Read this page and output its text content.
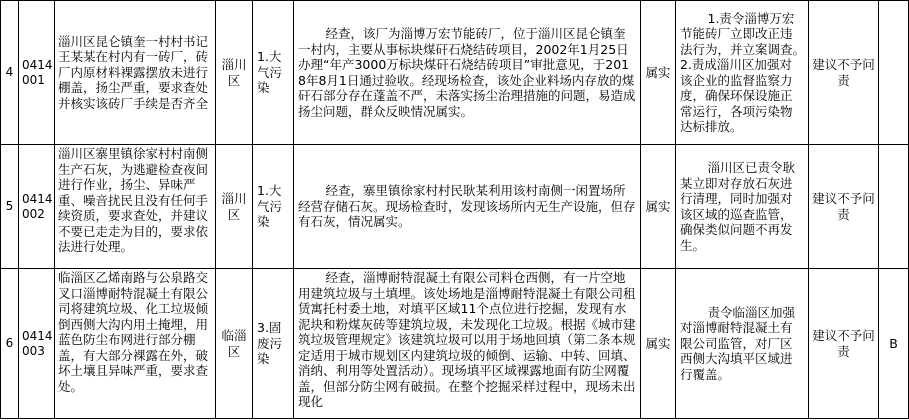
4	0414001	淄川区昆仑镇奎一村村书记王某某在村内有一砖厂，砖厂内原材料裸露摆放未进行棚盖，扬尘严重，要求查处并核实该砖厂手续是否齐全	淄川区	1.大气污染	经查，该厂为淄博万宏节能砖厂，位于淄川区昆仑镇奎一村内，主要从事标块煤矸石烧结砖项目，2002年1月25日办理“年产3000万标块煤矸石烧结砖项目”审批意见，于2018年8月1日通过验收。经现场检查，该处企业料场内存放的煤矸石部分存在蓬盖不严，未落实扬尘治理措施的问题，易造成扬尘问题，群众反映情况属实。	属实	1.责令淄博万宏节能砖厂立即改正违法行为，并立案调查。　　2.责成淄川区加强对该企业的监督监察力度，确保环保设施正常运行，各项污染物达标排放。	建议不予问责	
5	0414002	淄川区寨里镇徐家村村南侧生产石灰，为逃避检查夜间进行作业，扬尘、异味严重、噪音扰民且没有任何手续资质，要求查处，并建议不要已走走为目的，要求依法进行处理。	淄川区	1.大气污染	经查，寨里镇徐家村村民耿某利用该村南侧一闲置场所经营存储石灰。现场检查时，发现该场所内无生产设施，但存有石灰，情况属实。	属实	淄川区已责令耿某立即对存放石灰进行清理，同时加强对该区域的巡查监管，确保类似问题不再发生。	建议不予问责	
6	0414003	临淄区乙烯南路与公泉路交叉口淄博耐特混凝土有限公司将建筑垃圾、化工垃圾倾倒西侧大沟内用土掩埋，用蓝色防尘布网进行部分棚盖，有大部分裸露在外，破坏土壤且异味严重，要求查处。	临淄区	3.固废污染	经查，淄博耐特混凝土有限公司料仓西侧，有一片空地用建筑垃圾与土填埋。该处场地是淄博耐特混凝土有限公司租赁寓托村委土地，对填平区域11个点位进行挖掘，发现有水泥块和粉煤灰砖等建筑垃圾，未发现化工垃圾。根据《城市建筑垃圾管理规定》该建筑垃圾可以用于场地回填（第二条本规定适用于城市规划区内建筑垃圾的倾倒、运输、中转、回填、消纳、利用等处置活动）。现场填平区域裸露地面有防尘网覆盖，但部分防尘网有破损。在整个挖掘采样过程中，现场未出现化	属实	责令临淄区加强对淄博耐特混凝土有限公司监管，对厂区西侧大沟填平区域进行覆盖。	建议不予问责	B
